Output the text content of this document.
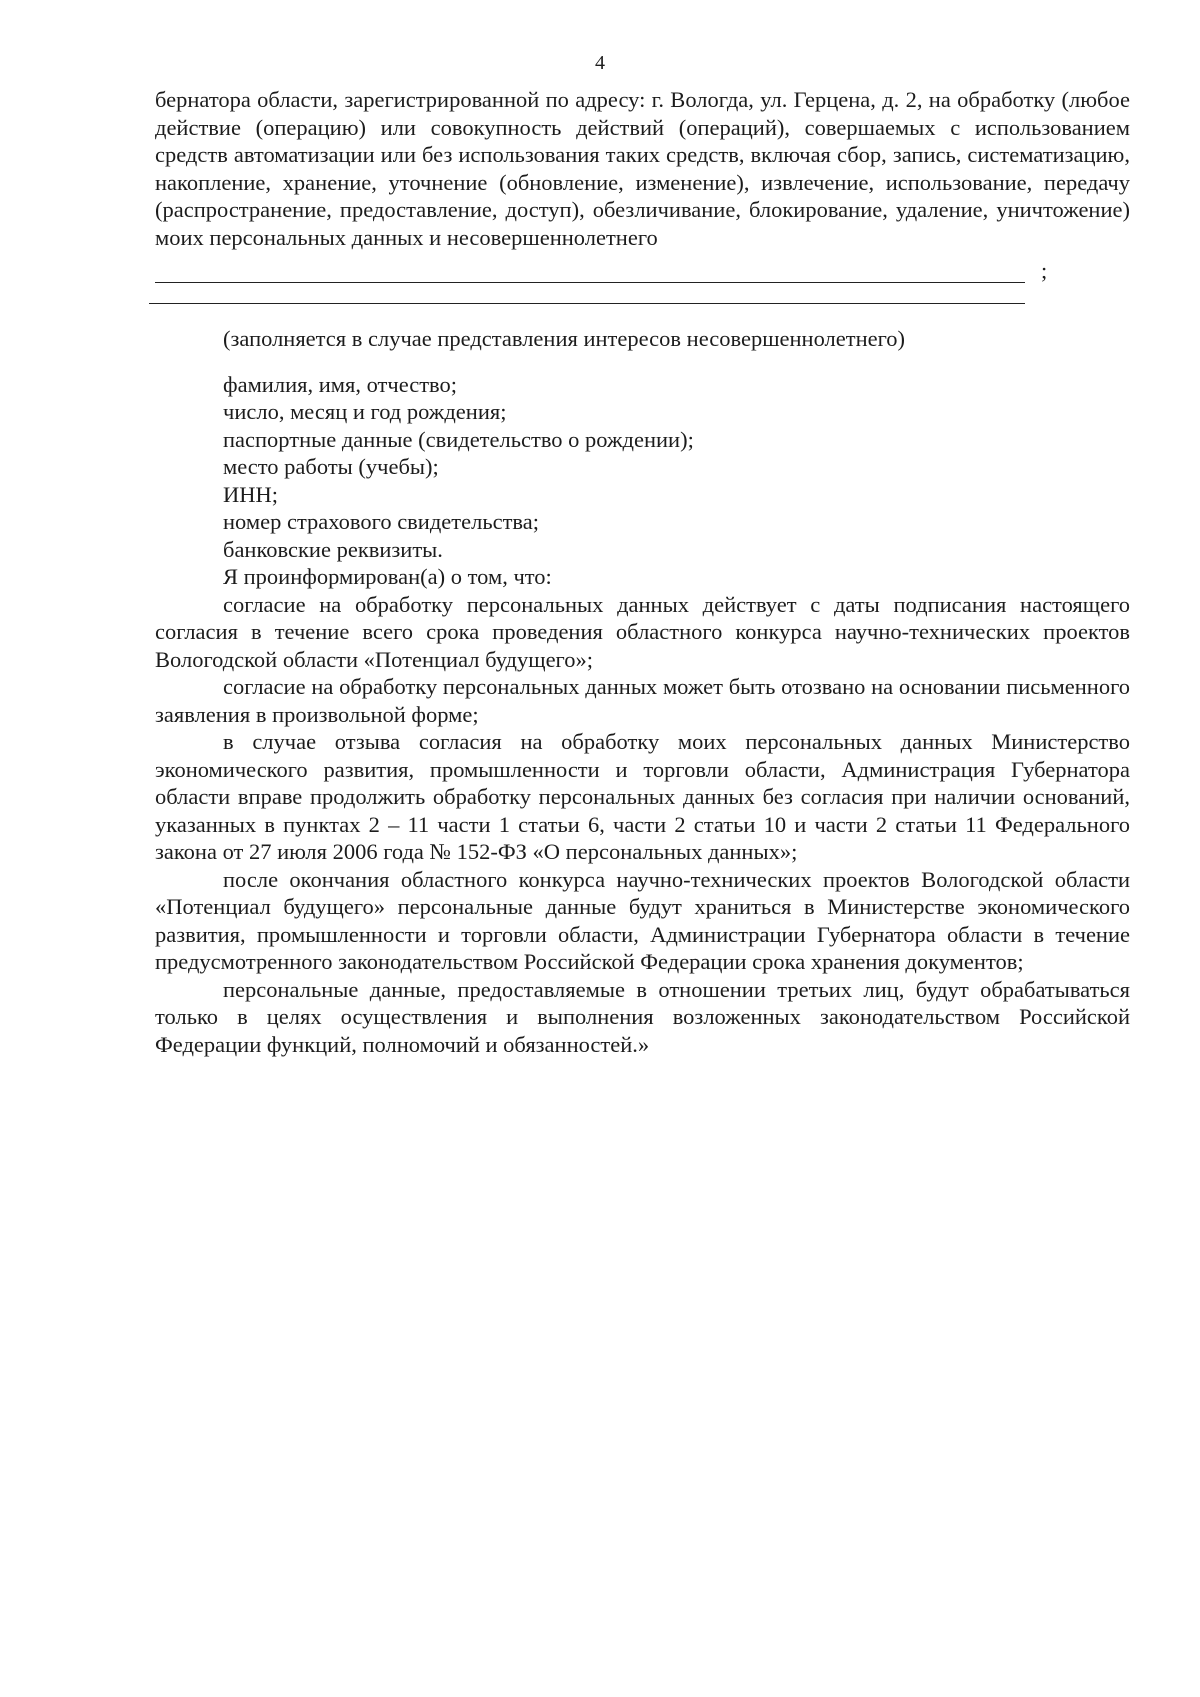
4

бернатора области, зарегистрированной по адресу: г. Вологда, ул. Герцена, д. 2, на обработку (любое действие (операцию) или совокупность действий (операций), совершаемых с использованием средств автоматизации или без использования таких средств, включая сбор, запись, систематизацию, накопление, хранение, уточнение (обновление, изменение), извлечение, использование, передачу (распространение, предоставление, доступ), обезличивание, блокирование, удаление, уничтожение) моих персональных данных и несовершеннолетнего

;

(заполняется в случае представления интересов несовершеннолетнего)

фамилия, имя, отчество;

число, месяц и год рождения;

паспортные данные (свидетельство о рождении);

место работы (учебы);

ИНН;

номер страхового свидетельства;

банковские реквизиты.

Я проинформирован(а) о том, что:

согласие на обработку персональных данных действует с даты подписания настоящего согласия в течение всего срока проведения областного конкурса научно-технических проектов Вологодской области «Потенциал будущего»;

согласие на обработку персональных данных может быть отозвано на основании письменного заявления в произвольной форме;

в случае отзыва согласия на обработку моих персональных данных Министерство экономического развития, промышленности и торговли области, Администрация Губернатора области вправе продолжить обработку персональных данных без согласия при наличии оснований, указанных в пунктах 2 – 11 части 1 статьи 6, части 2 статьи 10 и части 2 статьи 11 Федерального закона от 27 июля 2006 года № 152-ФЗ «О персональных данных»;

после окончания областного конкурса научно-технических проектов Вологодской области «Потенциал будущего» персональные данные будут храниться в Министерстве экономического развития, промышленности и торговли области, Администрации Губернатора области в течение предусмотренного законодательством Российской Федерации срока хранения документов;

персональные данные, предоставляемые в отношении третьих лиц, будут обрабатываться только в целях осуществления и выполнения возложенных законодательством Российской Федерации функций, полномочий и обязанностей.»
